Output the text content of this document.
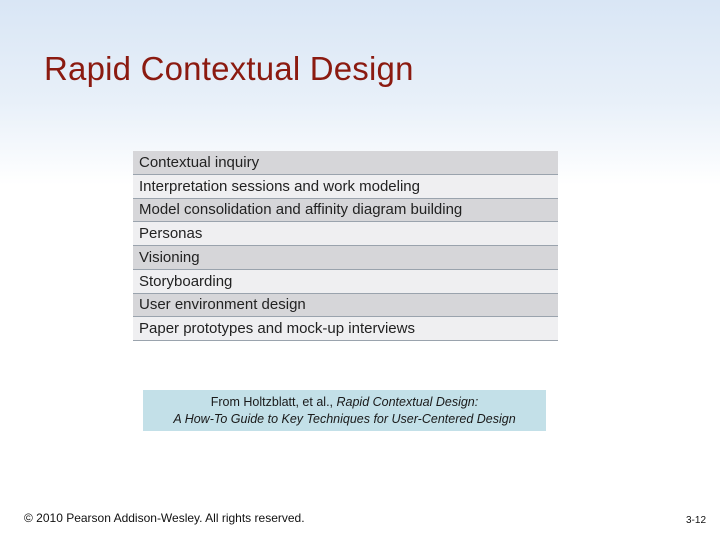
Rapid Contextual Design
Contextual inquiry
Interpretation sessions and work modeling
Model consolidation and affinity diagram building
Personas
Visioning
Storyboarding
User environment design
Paper prototypes and mock-up interviews
From Holtzblatt, et al., Rapid Contextual Design:
A How-To Guide to Key Techniques for User-Centered Design
© 2010 Pearson Addison-Wesley. All rights reserved.	3-12
